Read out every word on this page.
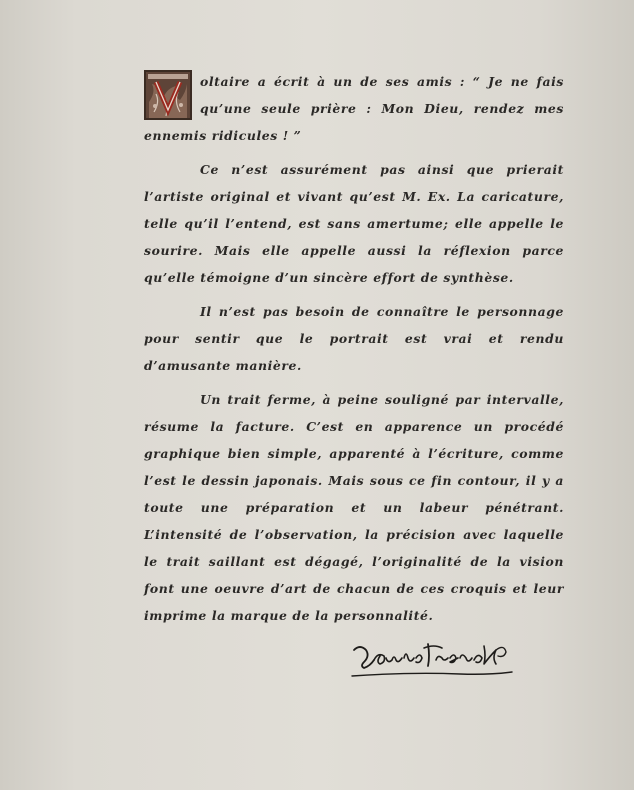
oltaire a écrit à un de ses amis : “ Je ne fais qu’une seule prière : Mon Dieu, rendez mes ennemis ridicules ! ”

Ce n’est assurément pas ainsi que prierait l’artiste original et vivant qu’est M. Ex. La caricature, telle qu’il l’entend, est sans amertume; elle appelle le sourire. Mais elle appelle aussi la réflexion parce qu’elle témoigne d’un sincère effort de synthèse.

Il n’est pas besoin de connaître le personnage pour sentir que le portrait est vrai et rendu d’amusante manière.

Un trait ferme, à peine souligné par intervalle, résume la facture. C’est en apparence un procédé graphique bien simple, apparenté à l’écriture, comme l’est le dessin japonais. Mais sous ce fin contour, il y a toute une préparation et un labeur pénétrant. L’intensité de l’observation, la précision avec laquelle le trait saillant est dégagé, l’originalité de la vision font une oeuvre d’art de chacun de ces croquis et leur imprime la marque de la personnalité.
